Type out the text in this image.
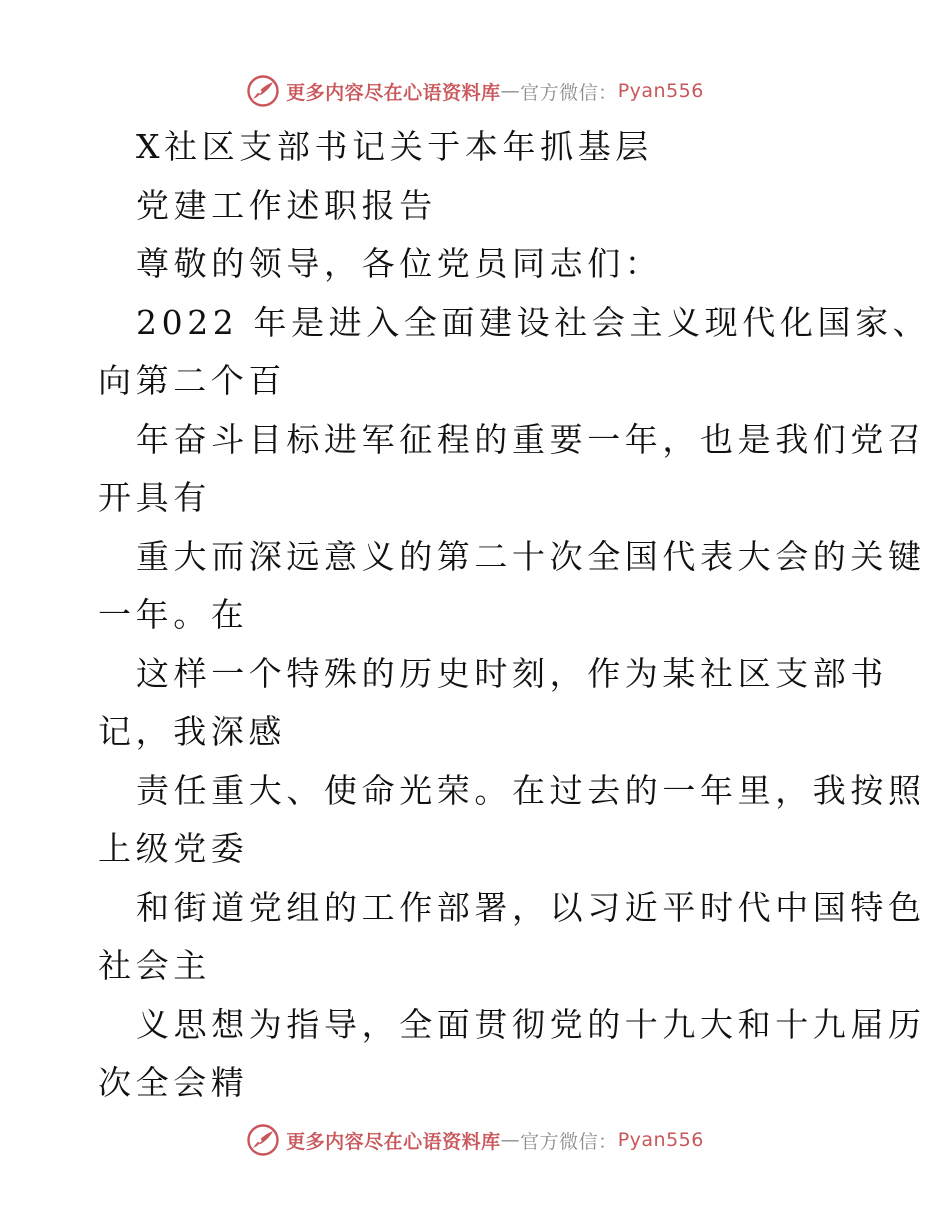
更多内容尽在心语资料库 — 官方微信： Pyan556
X社区支部书记关于本年抓基层
党建工作述职报告
尊敬的领导，各位党员同志们：
2022 年是进入全面建设社会主义现代化国家、
向第二个百
年奋斗目标进军征程的重要一年，也是我们党召
开具有
重大而深远意义的第二十次全国代表大会的关键
一年。在
这样一个特殊的历史时刻，作为某社区支部书
记，我深感
责任重大、使命光荣。在过去的一年里，我按照
上级党委
和街道党组的工作部署，以习近平时代中国特色
社会主
义思想为指导，全面贯彻党的十九大和十九届历
次全会精
更多内容尽在心语资料库 — 官方微信： Pyan556
